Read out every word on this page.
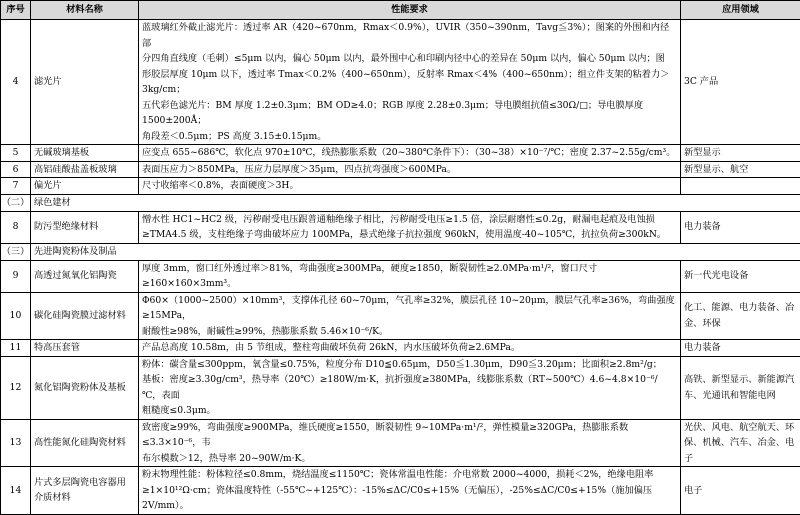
序号	材料名称	性能要求	应用领域
4	滤光片	蓝玻璃红外截止滤光片：透过率 AR（420~670nm，Rmax＜0.9%），UVIR（350~390nm，Tavg≦3%）；图案的外围和内径部
分四角直线度（毛刺）≤5μm 以内，偏心 50μm 以内，最外围中心和印刷内径中心的差异在 50μm 以内，偏心 50μm 以内；图
形胶层厚度 10μm 以下，透过率 Tmax＜0.2%（400~650nm），反射率 Rmax＜4%（400~650nm）；组立件支架的粘着力＞3kg/cm；
五代彩色滤光片：BM 厚度 1.2±0.3μm；BM OD≥4.0；RGB 厚度 2.28±0.3μm；导电膜组抗值≤30Ω/□；导电膜厚度 1500±200Å；
角段差＜0.5μm；PS 高度 3.15±0.15μm。	3C 产品
5	无碱玻璃基板	应变点 655~686℃，软化点 970±10℃，线热膨胀系数（20~380℃条件下）：（30~38）×10⁻⁷/℃；密度 2.37~2.55g/cm³。	新型显示
6	高铝硅酸盐盖板玻璃	表面压应力＞850MPa，压应力层厚度＞35μm，四点抗弯强度＞600MPa。	新型显示、航空
7	偏光片	尺寸收缩率＜0.8%，表面硬度＞3H。	

（二）	绿色建材		
8	防污型绝缘材料	憎水性 HC1~HC2 级，污秽耐受电压跟普通釉绝缘子相比，污秽耐受电压≥1.5 倍，涂层耐磨性≤0.2g，耐漏电起痕及电蚀损
≥TMA4.5 级，支柱绝缘子弯曲破坏应力 100MPa，悬式绝缘子抗拉强度 960kN，使用温度-40~105℃，抗拉负荷≥300kN。	电力装备
（三）	先进陶瓷粉体及制品		
9	高透过氮氧化铝陶瓷	厚度 3mm，窗口红外透过率＞81%，弯曲强度≥300MPa，硬度≥1850，断裂韧性≥2.0MPa·m¹/²，窗口尺寸≥160×160×3mm³。	新一代光电设备
10	碳化硅陶瓷膜过滤材料	Φ60×（1000~2500）×10mm³，支撑体孔径 60~70μm，气孔率≥32%，膜层孔径 10~20μm，膜层气孔率≥36%，弯曲强度≥15MPa，
耐酸性≥98%，耐碱性≥99%，热膨胀系数 5.46×10⁻⁶/K。	化工、能源、电力装备、冶金、环保
11	特高压套管	产品总高度 10.58m，由 5 节组成，整柱弯曲破坏负荷 26kN，内水压破坏负荷≥2.6MPa。	电力装备
12	氮化铝陶瓷粉体及基板	粉体：碳含量≤300ppm，氧含量≤0.75%，粒度分布 D10≦0.65μm，D50≦1.30μm，D90≦3.20μm；比面积≥2.8m²/g；
基板：密度≥3.30g/cm³，热导率（20℃）≥180W/m·K，抗折强度≥380MPa，线膨胀系数（RT~500℃）4.6~4.8×10⁻⁶/℃，表面
粗糙度≤0.3μm。	高铁、新型显示、新能源汽车、光通讯和智能电网
13	高性能氮化硅陶瓷材料	致密度≥99%，弯曲强度≥900MPa，维氏硬度≥1550，断裂韧性 9~10MPa·m¹/²，弹性模量≥320GPa，热膨胀系数≤3.3×10⁻⁶，韦
布尔模数＞12，热导率 20~90W/m·K。	光伏、风电、航空航天、环保、机械、汽车、冶金、电子
14	片式多层陶瓷电容器用介质材料	粉末物理性能：粉体粒径≤0.8mm，烧结温度≤1150℃；瓷体常温电性能：介电常数 2000~4000，损耗＜2%，绝缘电阻率
≥1×10¹²Ω·cm；瓷体温度特性（-55℃~+125℃）：-15%≤ΔC/C0≤+15%（无偏压），-25%≤ΔC/C0≤+15%（施加偏压 2V/mm）。	电子
